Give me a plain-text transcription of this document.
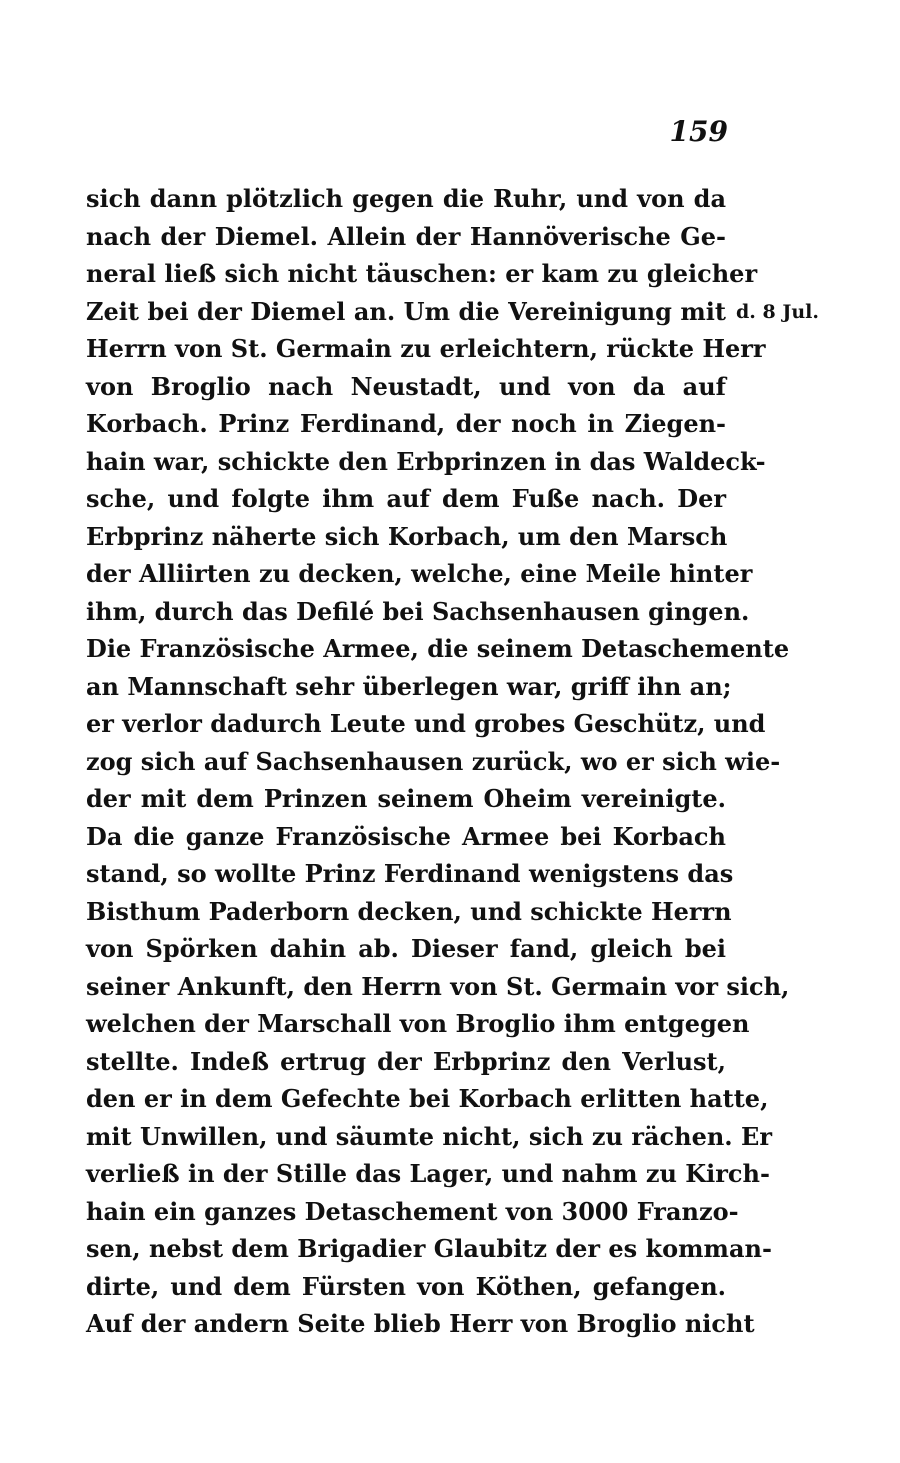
159
d. 8 Jul.
sich dann plötzlich gegen die Ruhr, und von da
nach der Diemel. Allein der Hannöverische Ge-
neral ließ sich nicht täuschen: er kam zu gleicher
Zeit bei der Diemel an. Um die Vereinigung mit
Herrn von St. Germain zu erleichtern, rückte Herr
von Broglio nach Neustadt, und von da auf
Korbach. Prinz Ferdinand, der noch in Ziegen-
hain war, schickte den Erbprinzen in das Waldeck-
sche, und folgte ihm auf dem Fuße nach. Der
Erbprinz näherte sich Korbach, um den Marsch
der Alliirten zu decken, welche, eine Meile hinter
ihm, durch das Defilé bei Sachsenhausen gingen.
Die Französische Armee, die seinem Detaschemente
an Mannschaft sehr überlegen war, griff ihn an;
er verlor dadurch Leute und grobes Geschütz, und
zog sich auf Sachsenhausen zurück, wo er sich wie-
der mit dem Prinzen seinem Oheim vereinigte.
Da die ganze Französische Armee bei Korbach
stand, so wollte Prinz Ferdinand wenigstens das
Bisthum Paderborn decken, und schickte Herrn
von Spörken dahin ab. Dieser fand, gleich bei
seiner Ankunft, den Herrn von St. Germain vor sich,
welchen der Marschall von Broglio ihm entgegen
stellte. Indeß ertrug der Erbprinz den Verlust,
den er in dem Gefechte bei Korbach erlitten hatte,
mit Unwillen, und säumte nicht, sich zu rächen. Er
verließ in der Stille das Lager, und nahm zu Kirch-
hain ein ganzes Detaschement von 3000 Franzo-
sen, nebst dem Brigadier Glaubitz der es komman-
dirte, und dem Fürsten von Köthen, gefangen.
Auf der andern Seite blieb Herr von Broglio nicht
